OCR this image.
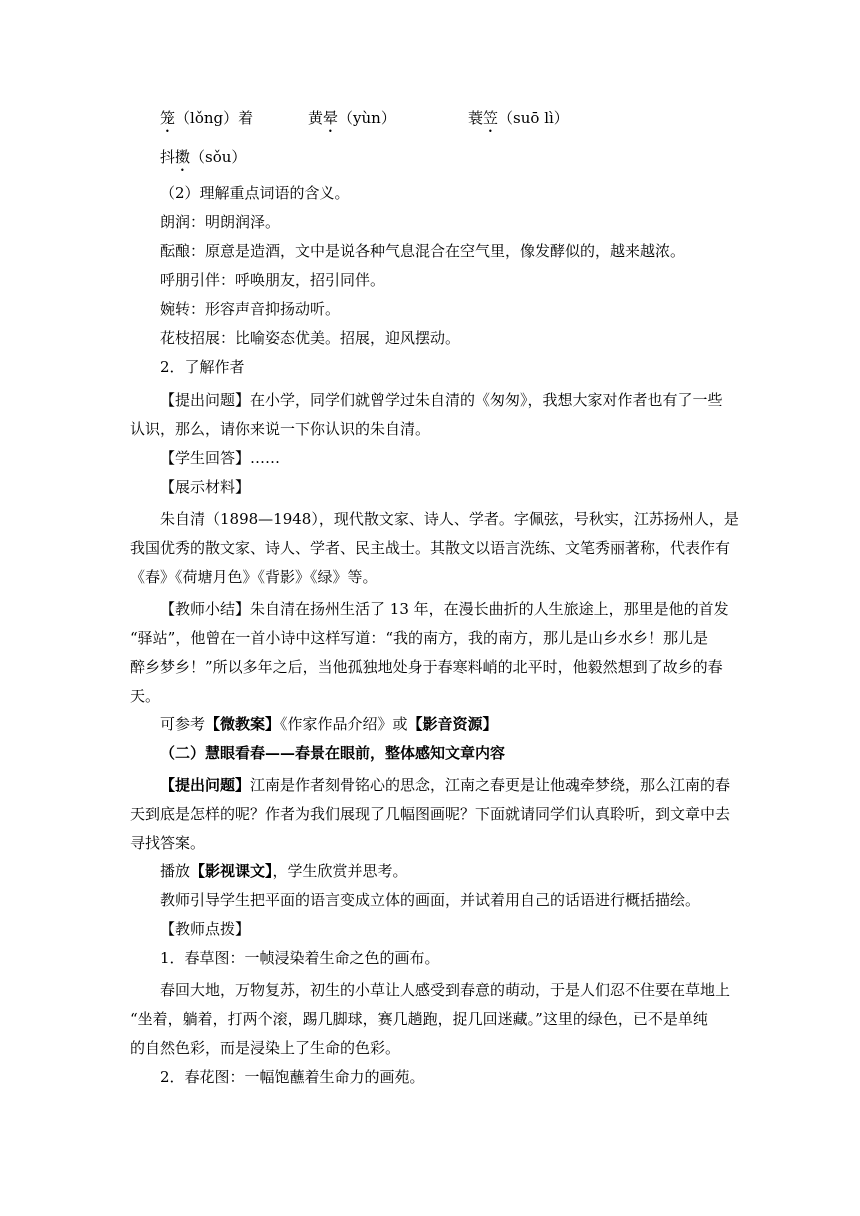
笼（lǒng）着	黄晕（yùn）	蓑笠（suō lì）
抖擞（sǒu）
（2）理解重点词语的含义。
朗润：明朗润泽。
酝酿：原意是造酒，文中是说各种气息混合在空气里，像发酵似的，越来越浓。
呼朋引伴：呼唤朋友，招引同伴。
婉转：形容声音抑扬动听。
花枝招展：比喻姿态优美。招展，迎风摆动。
2．了解作者
【提出问题】在小学，同学们就曾学过朱自清的《匆匆》，我想大家对作者也有了一些
认识，那么，请你来说一下你认识的朱自清。
【学生回答】……
【展示材料】
朱自清（1898—1948），现代散文家、诗人、学者。字佩弦，号秋实，江苏扬州人，是
我国优秀的散文家、诗人、学者、民主战士。其散文以语言洗练、文笔秀丽著称，代表作有
《春》《荷塘月色》《背影》《绿》等。
【教师小结】朱自清在扬州生活了 13 年，在漫长曲折的人生旅途上，那里是他的首发
“驿站”，他曾在一首小诗中这样写道：“我的南方，我的南方，那儿是山乡水乡！那儿是
醉乡梦乡！”所以多年之后，当他孤独地处身于春寒料峭的北平时，他毅然想到了故乡的春
天。
可参考【微教案】《作家作品介绍》或【影音资源】
（二）慧眼看春——春景在眼前，整体感知文章内容
【提出问题】江南是作者刻骨铭心的思念，江南之春更是让他魂牵梦绕，那么江南的春
天到底是怎样的呢？作者为我们展现了几幅图画呢？下面就请同学们认真聆听，到文章中去
寻找答案。
播放【影视课文】，学生欣赏并思考。
教师引导学生把平面的语言变成立体的画面，并试着用自己的话语进行概括描绘。
【教师点拨】
1．春草图：一帧浸染着生命之色的画布。
春回大地，万物复苏，初生的小草让人感受到春意的萌动，于是人们忍不住要在草地上
“坐着，躺着，打两个滚，踢几脚球，赛几趟跑，捉几回迷藏。”这里的绿色，已不是单纯
的自然色彩，而是浸染上了生命的色彩。
2．春花图：一幅饱蘸着生命力的画苑。
